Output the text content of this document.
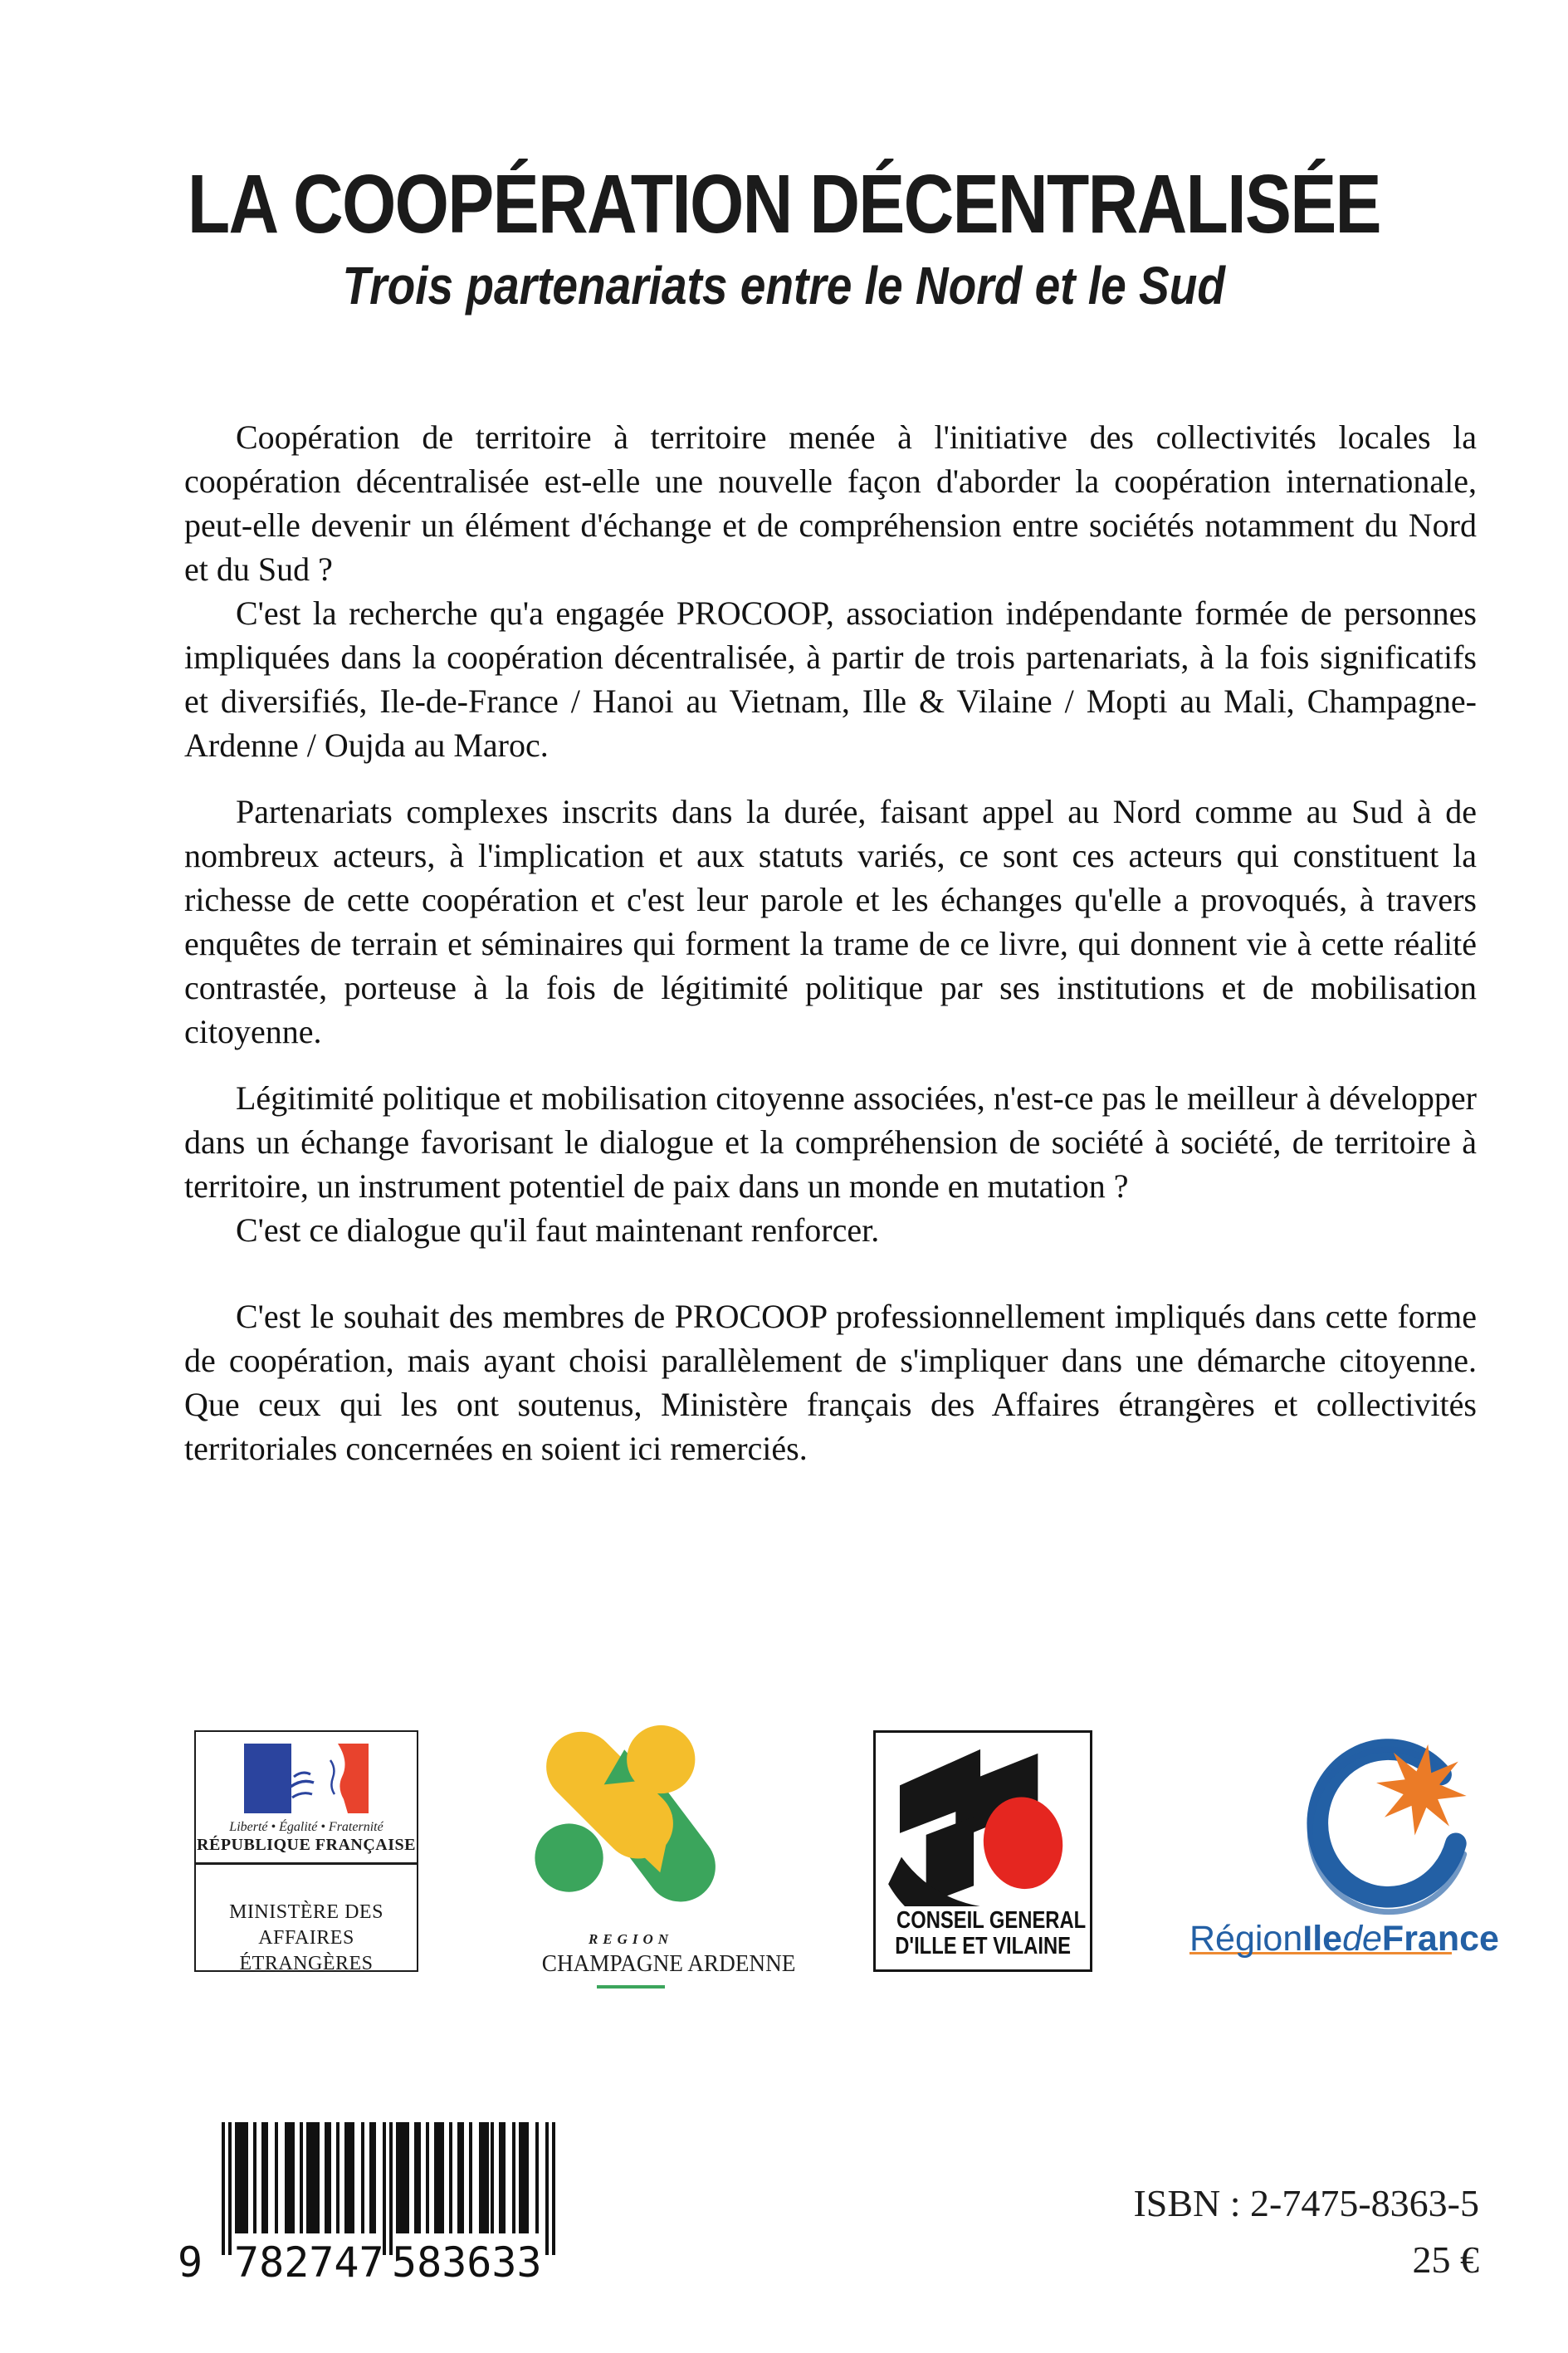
LA COOPÉRATION DÉCENTRALISÉE
Trois partenariats entre le Nord et le Sud

Coopération de territoire à territoire menée à l'initiative des collectivités locales la coopération décentralisée est-elle une nouvelle façon d'aborder la coopération internationale, peut-elle devenir un élément d'échange et de compréhension entre sociétés notamment du Nord et du Sud ?

C'est la recherche qu'a engagée PROCOOP, association indépendante formée de personnes impliquées dans la coopération décentralisée, à partir de trois partenariats, à la fois significatifs et diversifiés, Ile-de-France / Hanoi au Vietnam, Ille & Vilaine / Mopti au Mali, Champagne-Ardenne / Oujda au Maroc.

Partenariats complexes inscrits dans la durée, faisant appel au Nord comme au Sud à de nombreux acteurs, à l'implication et aux statuts variés, ce sont ces acteurs qui constituent la richesse de cette coopération et c'est leur parole et les échanges qu'elle a provoqués, à travers enquêtes de terrain et séminaires qui forment la trame de ce livre, qui donnent vie à cette réalité contrastée, porteuse à la fois de légitimité politique par ses institutions et de mobilisation citoyenne.

Légitimité politique et mobilisation citoyenne associées, n'est-ce pas le meilleur à développer dans un échange favorisant le dialogue et la compréhension de société à société, de territoire à territoire, un instrument potentiel de paix dans un monde en mutation ?

C'est ce dialogue qu'il faut maintenant renforcer.

C'est le souhait des membres de PROCOOP professionnellement impliqués dans cette forme de coopération, mais ayant choisi parallèlement de s'impliquer dans une démarche citoyenne. Que ceux qui les ont soutenus, Ministère français des Affaires étrangères et collectivités territoriales concernées en soient ici remerciés.

Liberté • Égalité • Fraternité
RÉPUBLIQUE FRANÇAISE
MINISTÈRE DES AFFAIRES
ÉTRANGÈRES
REGION
CHAMPAGNE ARDENNE
CONSEIL GENERAL
D'ILLE ET VILAINE	RégionIledeFrance
9 782747 583633
ISBN : 2-7475-8363-5
25 €
